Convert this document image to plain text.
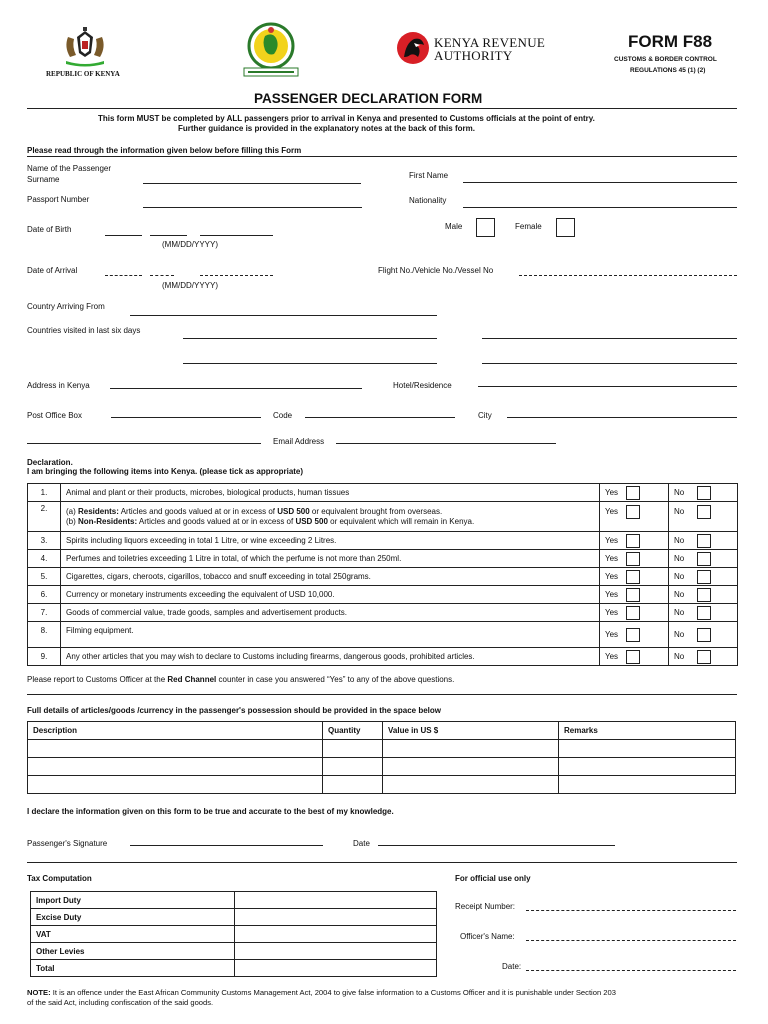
REPUBLIC OF KENYA
KENYA REVENUE
AUTHORITY
FORM F88
CUSTOMS & BORDER CONTROL
REGULATIONS 45 (1) (2)
PASSENGER DECLARATION FORM
This form MUST be completed by ALL passengers prior to arrival in Kenya and presented to Customs officials at the point of entry.
Further guidance is provided in the explanatory notes at the back of this form.
Please read through the information given below before filling this Form
Name of the Passenger
Surname	First Name
Passport Number	Nationality
Date of Birth
(MM/DD/YYYY)
Male	Female
Date of Arrival
(MM/DD/YYYY)
Flight No./Vehicle No./Vessel No
Country Arriving From
Countries visited in last six days
Address in Kenya	Hotel/Residence
Post Office Box	Code	City
Email Address
Declaration.
I am bringing the following items into Kenya. (please tick as appropriate)
1.	Animal and plant or their products, microbes, biological products, human tissues	Yes	No
2.	(a) Residents: Articles and goods valued at or in excess of USD 500 or equivalent brought from overseas.
(b) Non-Residents: Articles and goods valued at or in excess of USD 500 or equivalent which will remain in Kenya.	Yes	No
3.	Spirits including liquors exceeding in total 1 Litre, or wine exceeding 2 Litres.	Yes	No
4.	Perfumes and toiletries exceeding 1 Litre in total, of which the perfume is not more than 250ml.	Yes	No
5.	Cigarettes, cigars, cheroots, cigarillos, tobacco and snuff exceeding in total 250grams.	Yes	No
6.	Currency or monetary instruments exceeding the equivalent of USD 10,000.	Yes	No
7.	Goods of commercial value, trade goods, samples and advertisement products.	Yes	No
8.	Filming equipment.	Yes	No
9.	Any other articles that you may wish to declare to Customs including firearms, dangerous goods, prohibited articles.	Yes	No
Please report to Customs Officer at the Red Channel counter in case you answered “Yes” to any of the above questions.
Full details of articles/goods /currency in the passenger's possession should be provided in the space below
Description	Quantity	Value in US $	Remarks

I declare the information given on this form to be true and accurate to the best of my knowledge.
Passenger's Signature	Date
Tax Computation
Import Duty	
Excise Duty	
VAT	
Other Levies	
Total	
For official use only
Receipt Number:
Officer's Name:
Date:
NOTE: It is an offence under the East African Community Customs Management Act, 2004 to give false information to a Customs Officer and it is punishable under Section 203
of the said Act, including confiscation of the said goods.
